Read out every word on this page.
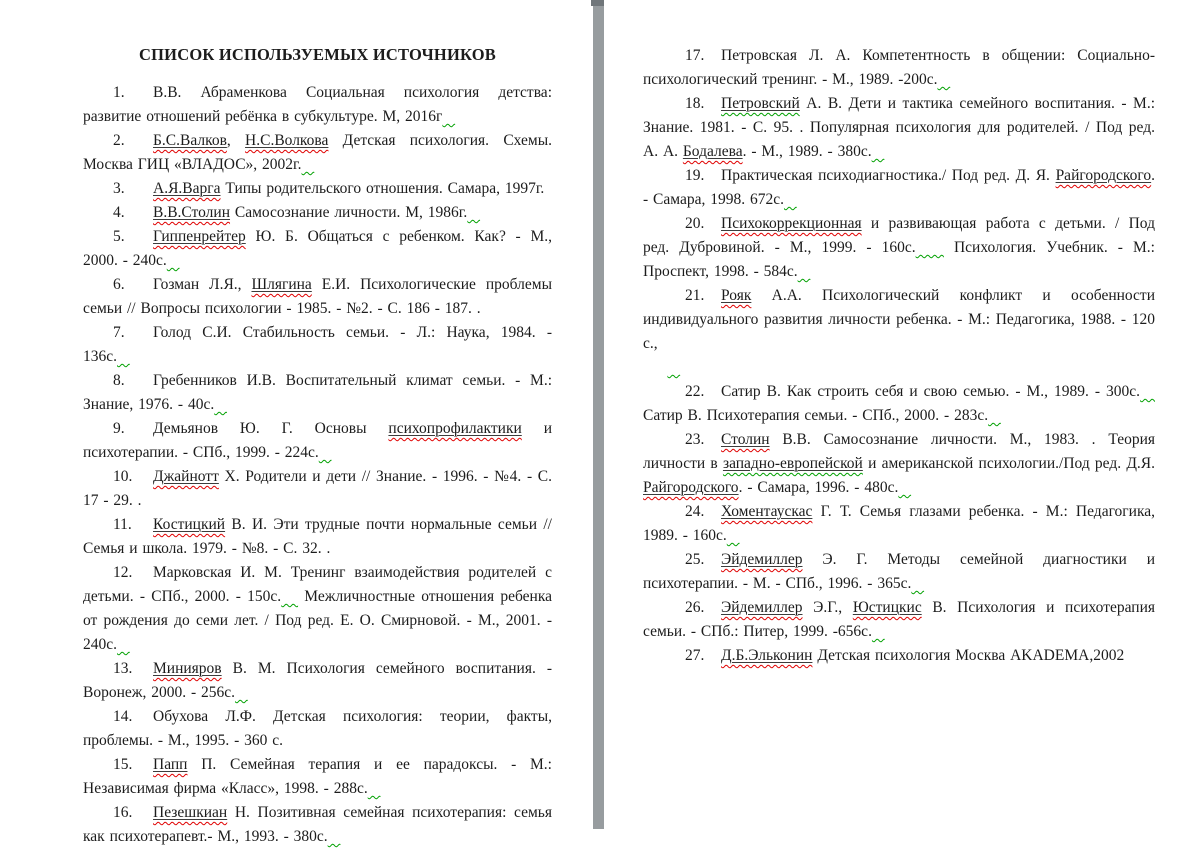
СПИСОК ИСПОЛЬЗУЕМЫХ ИСТОЧНИКОВ

1. В.В. Абраменкова Социальная психология детства: развитие отношений ребёнка в субкультуре. М, 2016г

2. Б.С.Валков, Н.С.Волкова Детская психология. Схемы. Москва ГИЦ «ВЛАДОС», 2002г.

3. А.Я.Варга Типы родительского отношения. Самара, 1997г.

4. В.В.Столин Самосознание личности. М, 1986г.

5. Гиппенрейтер Ю. Б. Общаться с ребенком. Как? - М., 2000. - 240с.

6. Гозман Л.Я., Шлягина Е.И. Психологические проблемы семьи // Вопросы психологии - 1985. - №2. - С. 186 - 187. .

7. Голод С.И. Стабильность семьи. - Л.: Наука, 1984. - 136с.

8. Гребенников И.В. Воспитательный климат семьи. - М.: Знание, 1976. - 40с.

9. Демьянов Ю. Г. Основы психопрофилактики и психотерапии. - СПб., 1999. - 224с.

10. Джайнотт Х. Родители и дети // Знание. - 1996. - №4. - С. 17 - 29. .

11. Костицкий В. И. Эти трудные почти нормальные семьи // Семья и школа. 1979. - №8. - С. 32. .

12. Марковская И. М. Тренинг взаимодействия родителей с детьми. - СПб., 2000. - 150с.    Межличностные отношения ребенка от рождения до семи лет. / Под ред. Е. О. Смирновой. - М., 2001. - 240с.

13. Минияров В. М. Психология семейного воспитания. - Воронеж, 2000. - 256с.

14. Обухова Л.Ф. Детская психология: теории, факты, проблемы. - М., 1995. - 360 с.

15. Папп П. Семейная терапия и ее парадоксы. - М.: Независимая фирма «Класс», 1998. - 288с.

16. Пезешкиан Н. Позитивная семейная психотерапия: семья как психотерапевт.- М., 1993. - 380с.

17. Петровская Л. А. Компетентность в общении: Социально-психологический тренинг. - М., 1989. -200с.

18. Петровский А. В. Дети и тактика семейного воспитания. - М.: Знание. 1981. - С. 95. . Популярная психология для родителей. / Под ред. А. А. Бодалева. - М., 1989. - 380с.

19. Практическая психодиагностика./ Под ред. Д. Я. Райгородского. - Самара, 1998. 672с.

20. Психокоррекционная и развивающая работа с детьми. / Под ред. Дубровиной. - М., 1999. - 160с.    Психология. Учебник. - М.: Проспект, 1998. - 584с.

21. Рояк А.А. Психологический конфликт и особенности индивидуального развития личности ребенка. - М.: Педагогика, 1988. - 120 с.,

22. Сатир В. Как строить себя и свою семью. - М., 1989. - 300с.    Сатир В. Психотерапия семьи. - СПб., 2000. - 283с.

23. Столин В.В. Самосознание личности. М., 1983. . Теория личности в западно-европейской и американской психологии./Под ред. Д.Я. Райгородского. - Самара, 1996. - 480с.

24. Хоментаускас Г. Т. Семья глазами ребенка. - М.: Педагогика, 1989. - 160с.

25. Эйдемиллер Э. Г. Методы семейной диагностики и психотерапии. - М. - СПб., 1996. - 365с.

26. Эйдемиллер Э.Г., Юстицкис В. Психология и психотерапия семьи. - СПб.: Питер, 1999. -656с.

27. Д.Б.Эльконин Детская психология Москва AKADEMA,2002
